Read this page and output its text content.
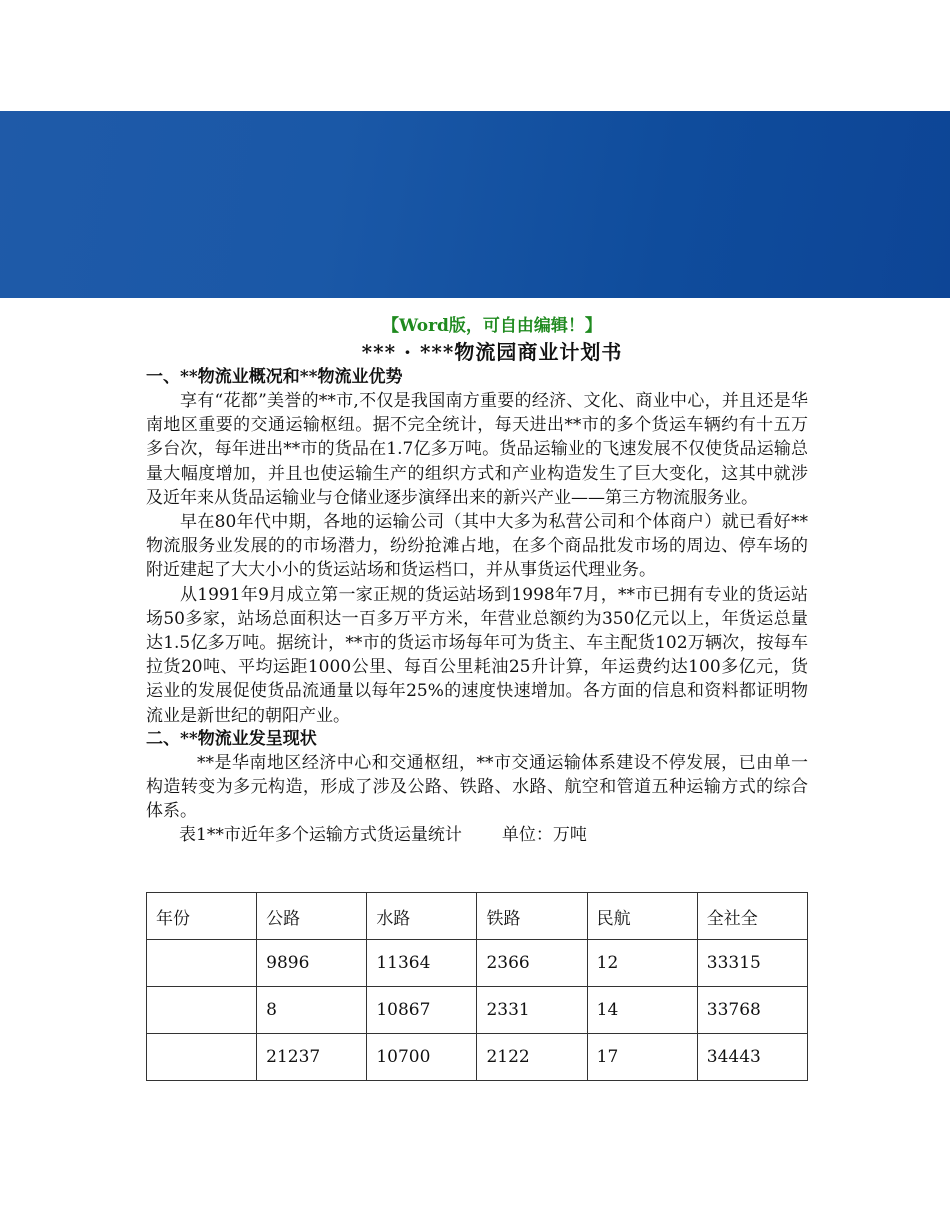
【Word版，可自由编辑！】
*** · ***物流园商业计划书
一、**物流业概况和**物流业优势

享有“花都”美誉的**市,不仅是我国南方重要的经济、文化、商业中心，并且还是华南地区重要的交通运输枢纽。据不完全统计，每天进出**市的多个货运车辆约有十五万多台次，每年进出**市的货品在1.7亿多万吨。货品运输业的飞速发展不仅使货品运输总量大幅度增加，并且也使运输生产的组织方式和产业构造发生了巨大变化，这其中就涉及近年来从货品运输业与仓储业逐步演绎出来的新兴产业——第三方物流服务业。

早在80年代中期，各地的运输公司（其中大多为私营公司和个体商户）就已看好**物流服务业发展的的市场潜力，纷纷抢滩占地，在多个商品批发市场的周边、停车场的附近建起了大大小小的货运站场和货运档口，并从事货运代理业务。

从1991年9月成立第一家正规的货运站场到1998年7月，**市已拥有专业的货运站场50多家，站场总面积达一百多万平方米，年营业总额约为350亿元以上，年货运总量达1.5亿多万吨。据统计，**市的货运市场每年可为货主、车主配货102万辆次，按每车拉货20吨、平均运距1000公里、每百公里耗油25升计算，年运费约达100多亿元，货运业的发展促使货品流通量以每年25%的速度快速增加。各方面的信息和资料都证明物流业是新世纪的朝阳产业。

二、**物流业发呈现状

**是华南地区经济中心和交通枢纽，**市交通运输体系建设不停发展，已由单一构造转变为多元构造，形成了涉及公路、铁路、水路、航空和管道五种运输方式的综合体系。

表1**市近年多个运输方式货运量统计 单位：万吨
年份	公路	水路	铁路	民航	全社全
	9896	11364	2366	12	33315
	8	10867	2331	14	33768
	21237	10700	2122	17	34443
